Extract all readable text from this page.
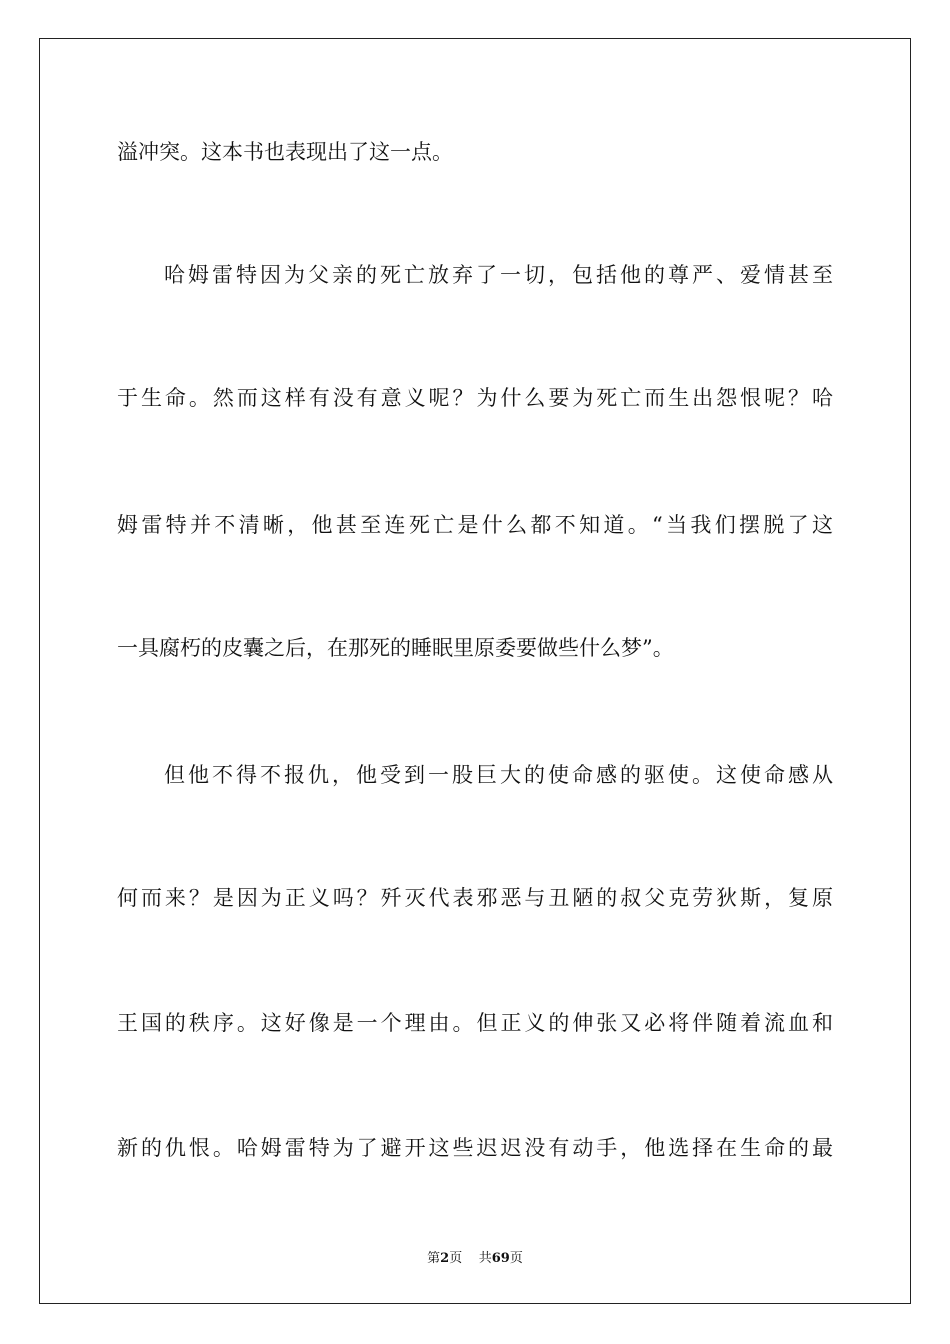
溢冲突。这本书也表现出了这一点。
哈姆雷特因为父亲的死亡放弃了一切，包括他的尊严、爱情甚至
于生命。然而这样有没有意义呢？为什么要为死亡而生出怨恨呢？哈
姆雷特并不清晰，他甚至连死亡是什么都不知道。“当我们摆脱了这
一具腐朽的皮囊之后，在那死的睡眠里原委要做些什么梦”。
但他不得不报仇，他受到一股巨大的使命感的驱使。这使命感从
何而来？是因为正义吗？歼灭代表邪恶与丑陋的叔父克劳狄斯，复原
王国的秩序。这好像是一个理由。但正义的伸张又必将伴随着流血和
新的仇恨。哈姆雷特为了避开这些迟迟没有动手，他选择在生命的最
第2页    共69页
